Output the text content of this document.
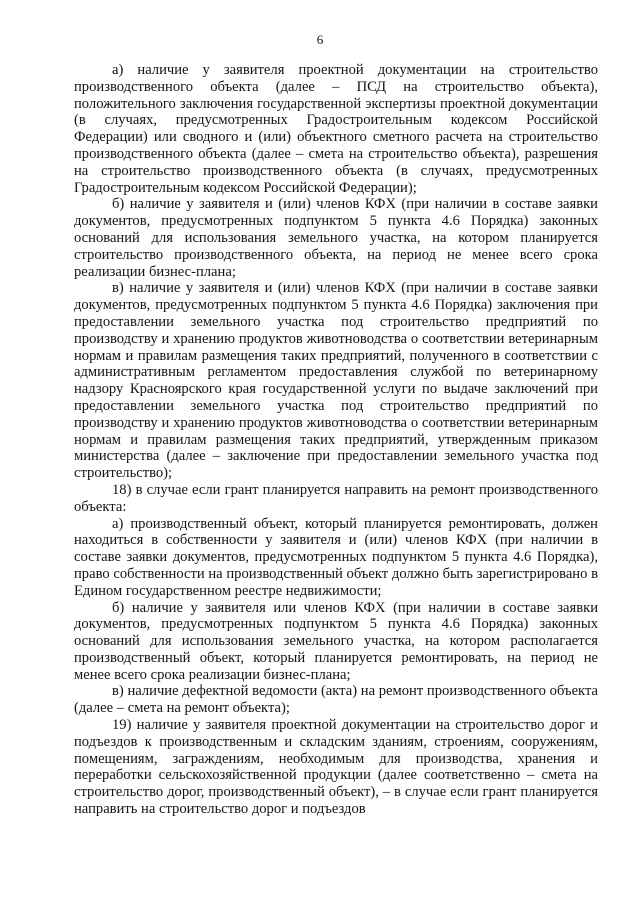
6

а) наличие у заявителя проектной документации на строительство производственного объекта (далее – ПСД на строительство объекта), положительного заключения государственной экспертизы проектной документации (в случаях, предусмотренных Градостроительным кодексом Российской Федерации) или сводного и (или) объектного сметного расчета на строительство производственного объекта (далее – смета на строительство объекта), разрешения на строительство производственного объекта (в случаях, предусмотренных Градостроительным кодексом Российской Федерации);

б) наличие у заявителя и (или) членов КФХ (при наличии в составе заявки документов, предусмотренных подпунктом 5 пункта 4.6 Порядка) законных оснований для использования земельного участка, на котором планируется строительство производственного объекта, на период не менее всего срока реализации бизнес-плана;

в) наличие у заявителя и (или) членов КФХ (при наличии в составе заявки документов, предусмотренных подпунктом 5 пункта 4.6 Порядка) заключения при предоставлении земельного участка под строительство предприятий по производству и хранению продуктов животноводства о соответствии ветеринарным нормам и правилам размещения таких предприятий, полученного в соответствии с административным регламентом предоставления службой по ветеринарному надзору Красноярского края государственной услуги по выдаче заключений при предоставлении земельного участка под строительство предприятий по производству и хранению продуктов животноводства о соответствии ветеринарным нормам и правилам размещения таких предприятий, утвержденным приказом министерства (далее – заключение при предоставлении земельного участка под строительство);

18) в случае если грант планируется направить на ремонт производственного объекта:

а) производственный объект, который планируется ремонтировать, должен находиться в собственности у заявителя и (или) членов КФХ (при наличии в составе заявки документов, предусмотренных подпунктом 5 пункта 4.6 Порядка), право собственности на производственный объект должно быть зарегистрировано в Едином государственном реестре недвижимости;

б) наличие у заявителя или членов КФХ (при наличии в составе заявки документов, предусмотренных подпунктом 5 пункта 4.6 Порядка) законных оснований для использования земельного участка, на котором располагается производственный объект, который планируется ремонтировать, на период не менее всего срока реализации бизнес-плана;

в) наличие дефектной ведомости (акта) на ремонт производственного объекта (далее – смета на ремонт объекта);

19) наличие у заявителя проектной документации на строительство дорог и подъездов к производственным и складским зданиям, строениям, сооружениям, помещениям, заграждениям, необходимым для производства, хранения и переработки сельскохозяйственной продукции (далее соответственно – смета на строительство дорог, производственный объект), – в случае если грант планируется направить на строительство дорог и подъездов
